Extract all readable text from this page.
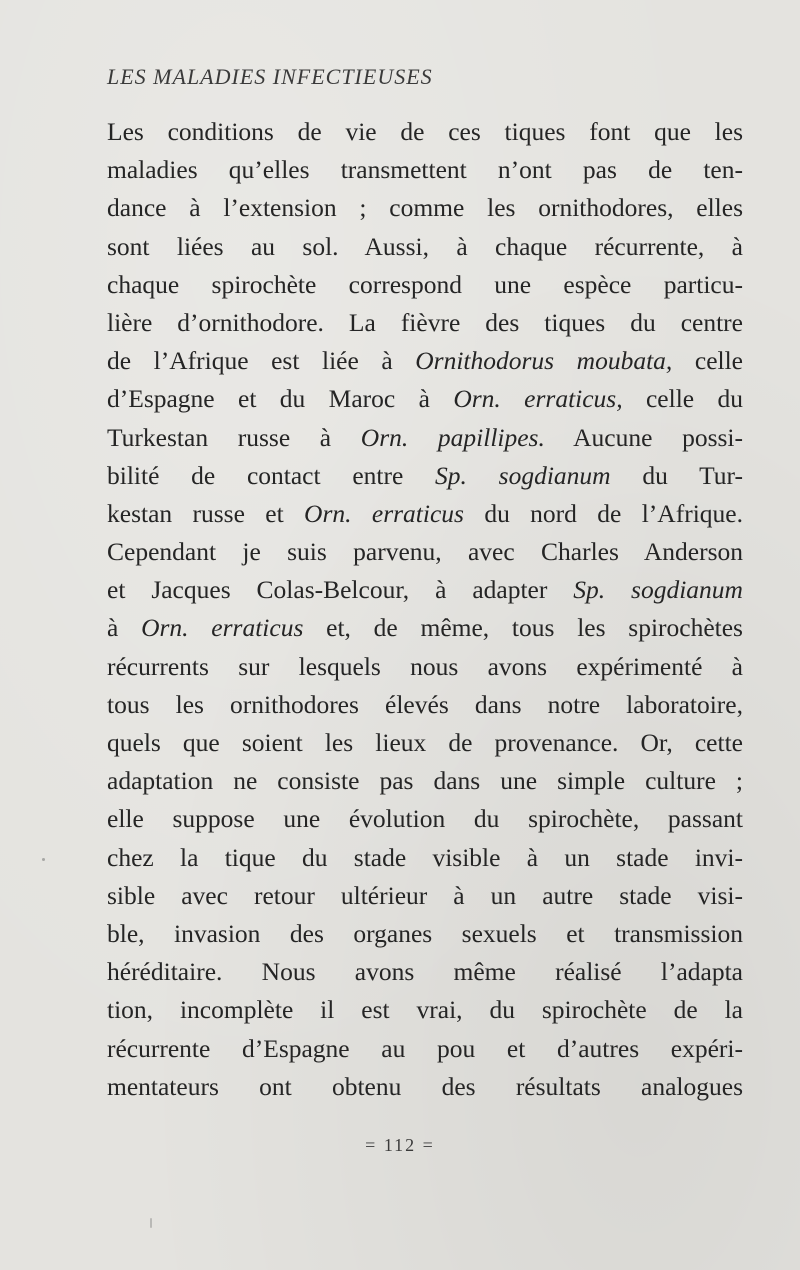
LES MALADIES INFECTIEUSES
Les conditions de vie de ces tiques font que les
maladies qu’elles transmettent n’ont pas de ten-
dance à l’extension ; comme les ornithodores, elles
sont liées au sol. Aussi, à chaque récurrente, à
chaque spirochète correspond une espèce particu-
lière d’ornithodore. La fièvre des tiques du centre
de l’Afrique est liée à Ornithodorus moubata, celle
d’Espagne et du Maroc à Orn. erraticus, celle du
Turkestan russe à Orn. papillipes. Aucune possi-
bilité de contact entre Sp. sogdianum du Tur-
kestan russe et Orn. erraticus du nord de l’Afrique.
Cependant je suis parvenu, avec Charles Anderson
et Jacques Colas-Belcour, à adapter Sp. sogdianum
à Orn. erraticus et, de même, tous les spirochètes
récurrents sur lesquels nous avons expérimenté à
tous les ornithodores élevés dans notre laboratoire,
quels que soient les lieux de provenance. Or, cette
adaptation ne consiste pas dans une simple culture ;
elle suppose une évolution du spirochète, passant
chez la tique du stade visible à un stade invi-
sible avec retour ultérieur à un autre stade visi-
ble, invasion des organes sexuels et transmission
héréditaire. Nous avons même réalisé l’adapta
tion, incomplète il est vrai, du spirochète de la
récurrente d’Espagne au pou et d’autres expéri-
mentateurs ont obtenu des résultats analogues
= 112 =
